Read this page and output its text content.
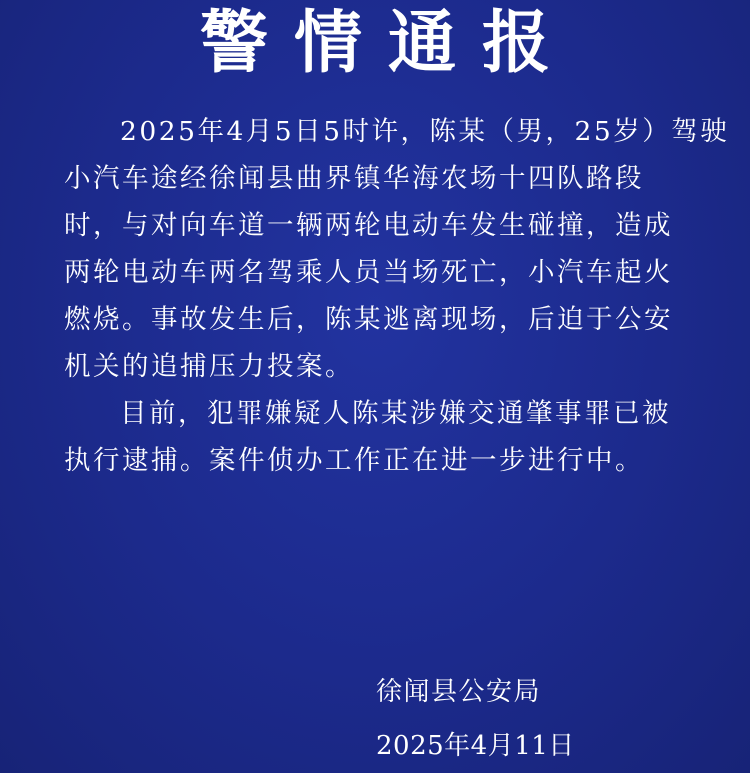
警情通报
2025年4月5日5时许，陈某（男，25岁）驾驶
小汽车途经徐闻县曲界镇华海农场十四队路段
时，与对向车道一辆两轮电动车发生碰撞，造成
两轮电动车两名驾乘人员当场死亡，小汽车起火
燃烧。事故发生后，陈某逃离现场，后迫于公安
机关的追捕压力投案。
目前，犯罪嫌疑人陈某涉嫌交通肇事罪已被
执行逮捕。案件侦办工作正在进一步进行中。
徐闻县公安局
2025年4月11日
